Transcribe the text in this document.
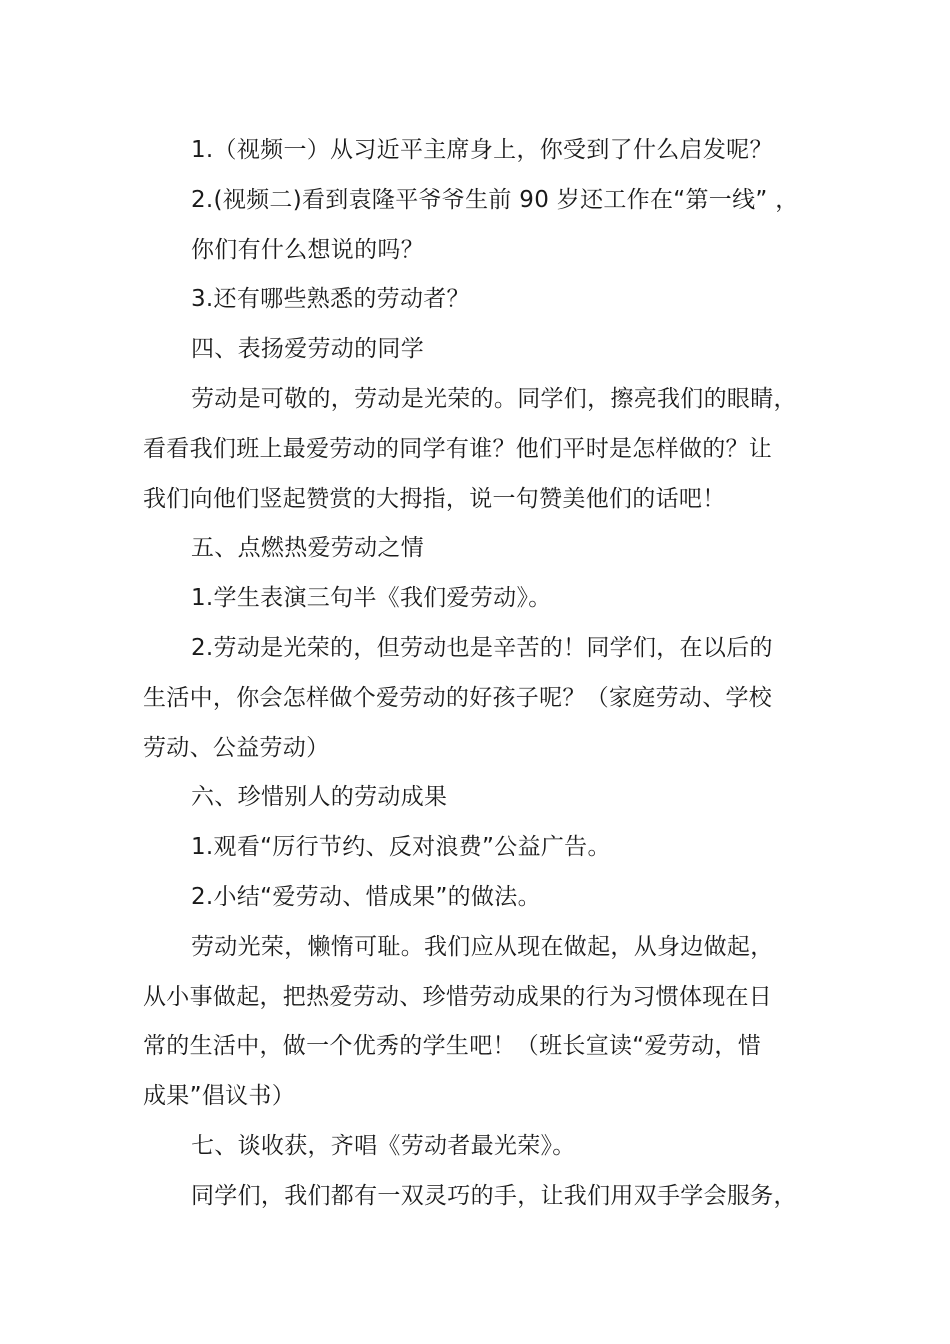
1.（视频一）从习近平主席身上，你受到了什么启发呢？
2.(视频二)看到袁隆平爷爷生前 90 岁还工作在“第一线” ，
你们有什么想说的吗？
3.还有哪些熟悉的劳动者？
四、表扬爱劳动的同学
劳动是可敬的，劳动是光荣的。同学们，擦亮我们的眼睛，
看看我们班上最爱劳动的同学有谁？他们平时是怎样做的？让
我们向他们竖起赞赏的大拇指，说一句赞美他们的话吧！
五、点燃热爱劳动之情
1.学生表演三句半《我们爱劳动》。
2.劳动是光荣的，但劳动也是辛苦的！同学们，在以后的
生活中，你会怎样做个爱劳动的好孩子呢？（家庭劳动、学校
劳动、公益劳动）
六、珍惜别人的劳动成果
1.观看“厉行节约、反对浪费”公益广告。
2.小结“爱劳动、惜成果”的做法。
劳动光荣，懒惰可耻。我们应从现在做起，从身边做起，
从小事做起，把热爱劳动、珍惜劳动成果的行为习惯体现在日
常的生活中，做一个优秀的学生吧！（班长宣读“爱劳动，惜
成果”倡议书）
七、谈收获，齐唱《劳动者最光荣》。
同学们，我们都有一双灵巧的手，让我们用双手学会服务，
